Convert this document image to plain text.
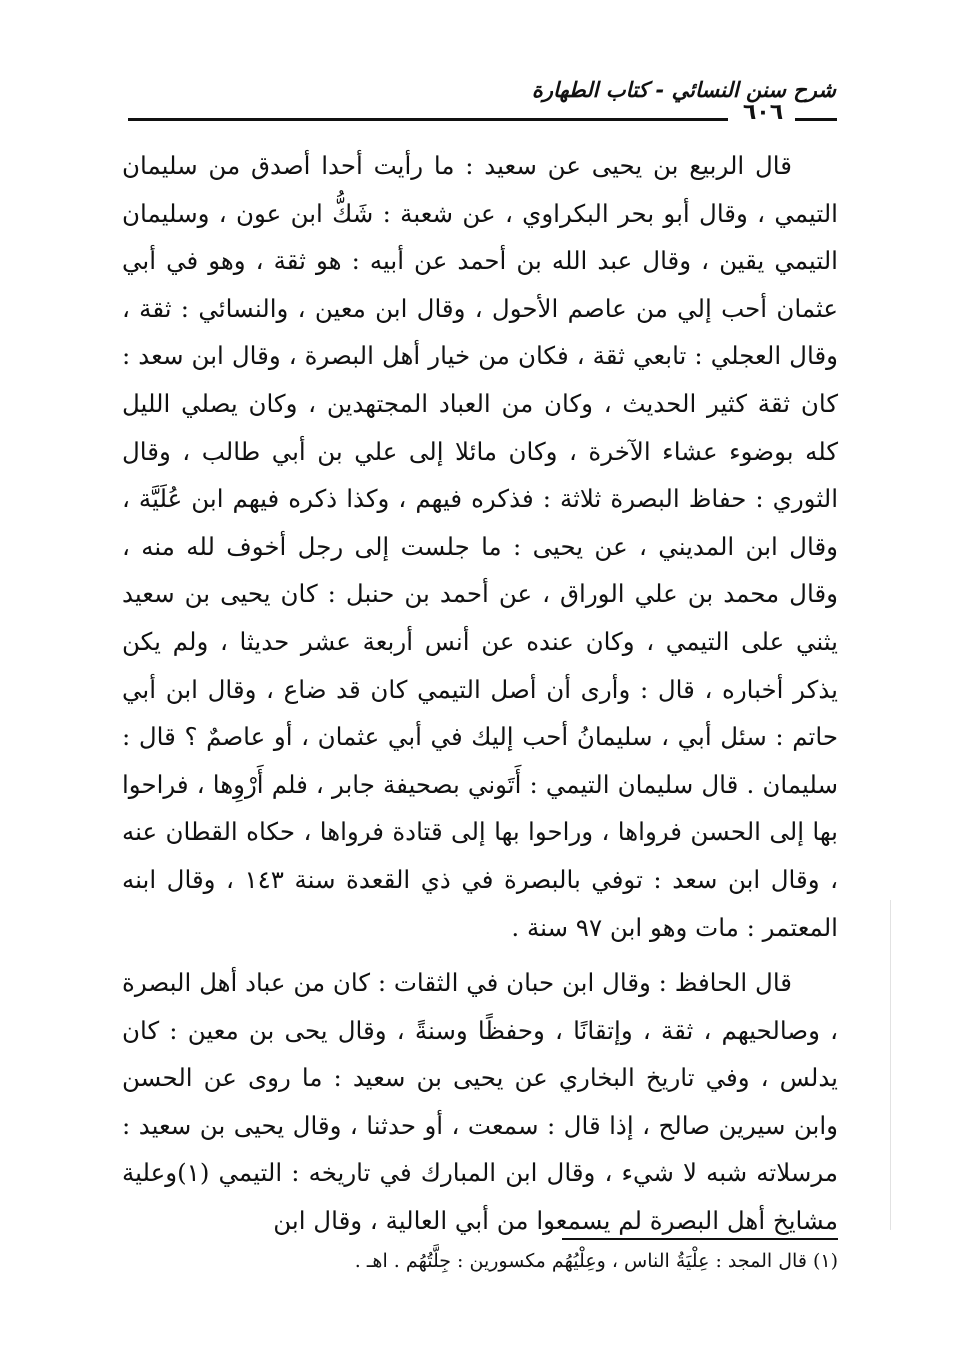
شرح سنن النسائي - كتاب الطهارة
٦٠٦

قال الربيع بن يحيى عن سعيد : ما رأيت أحدا أصدق من سليمان التيمي ، وقال أبو بحر البكراوي ، عن شعبة : شَكُّ ابن عون ، وسليمان التيمي يقين ، وقال عبد الله بن أحمد عن أبيه : هو ثقة ، وهو في أبي عثمان أحب إلي من عاصم الأحول ، وقال ابن معين ، والنسائي : ثقة ، وقال العجلي : تابعي ثقة ، فكان من خيار أهل البصرة ، وقال ابن سعد : كان ثقة كثير الحديث ، وكان من العباد المجتهدين ، وكان يصلي الليل كله بوضوء عشاء الآخرة ، وكان مائلا إلى علي بن أبي طالب ، وقال الثوري : حفاظ البصرة ثلاثة : فذكره فيهم ، وكذا ذكره فيهم ابن عُلَيَّة ، وقال ابن المديني ، عن يحيى : ما جلست إلى رجل أخوف لله منه ، وقال محمد بن علي الوراق ، عن أحمد بن حنبل : كان يحيى بن سعيد يثني على التيمي ، وكان عنده عن أنس أربعة عشر حديثا ، ولم يكن يذكر أخباره ، قال : وأرى أن أصل التيمي كان قد ضاع ، وقال ابن أبي حاتم : سئل أبي ، سليمانُ أحب إليك في أبي عثمان ، أو عاصمٌ ؟ قال : سليمان . قال سليمان التيمي : أَتَوني بصحيفة جابر ، فلم أَرْوِها ، فراحوا بها إلى الحسن فرواها ، وراحوا بها إلى قتادة فرواها ، حكاه القطان عنه ، وقال ابن سعد : توفي بالبصرة في ذي القعدة سنة ١٤٣ ، وقال ابنه المعتمر : مات وهو ابن ٩٧ سنة .

قال الحافظ : وقال ابن حبان في الثقات : كان من عباد أهل البصرة ، وصالحيهم ، ثقة ، وإتقانًا ، وحفظًا وسنةً ، وقال يحى بن معين : كان يدلس ، وفي تاريخ البخاري عن يحيى بن سعيد : ما روى عن الحسن وابن سيرين صالح ، إذا قال : سمعت ، أو حدثنا ، وقال يحيى بن سعيد : مرسلاته شبه لا شيء ، وقال ابن المبارك في تاريخه : التيمي (١)وعلية مشايخ أهل البصرة لم يسمعوا من أبي العالية ، وقال ابن

(١) قال المجد : عِلْيَةُ الناس ، وعِلْيُهُم مكسورين : جِلَّتُهُم . اهـ .
